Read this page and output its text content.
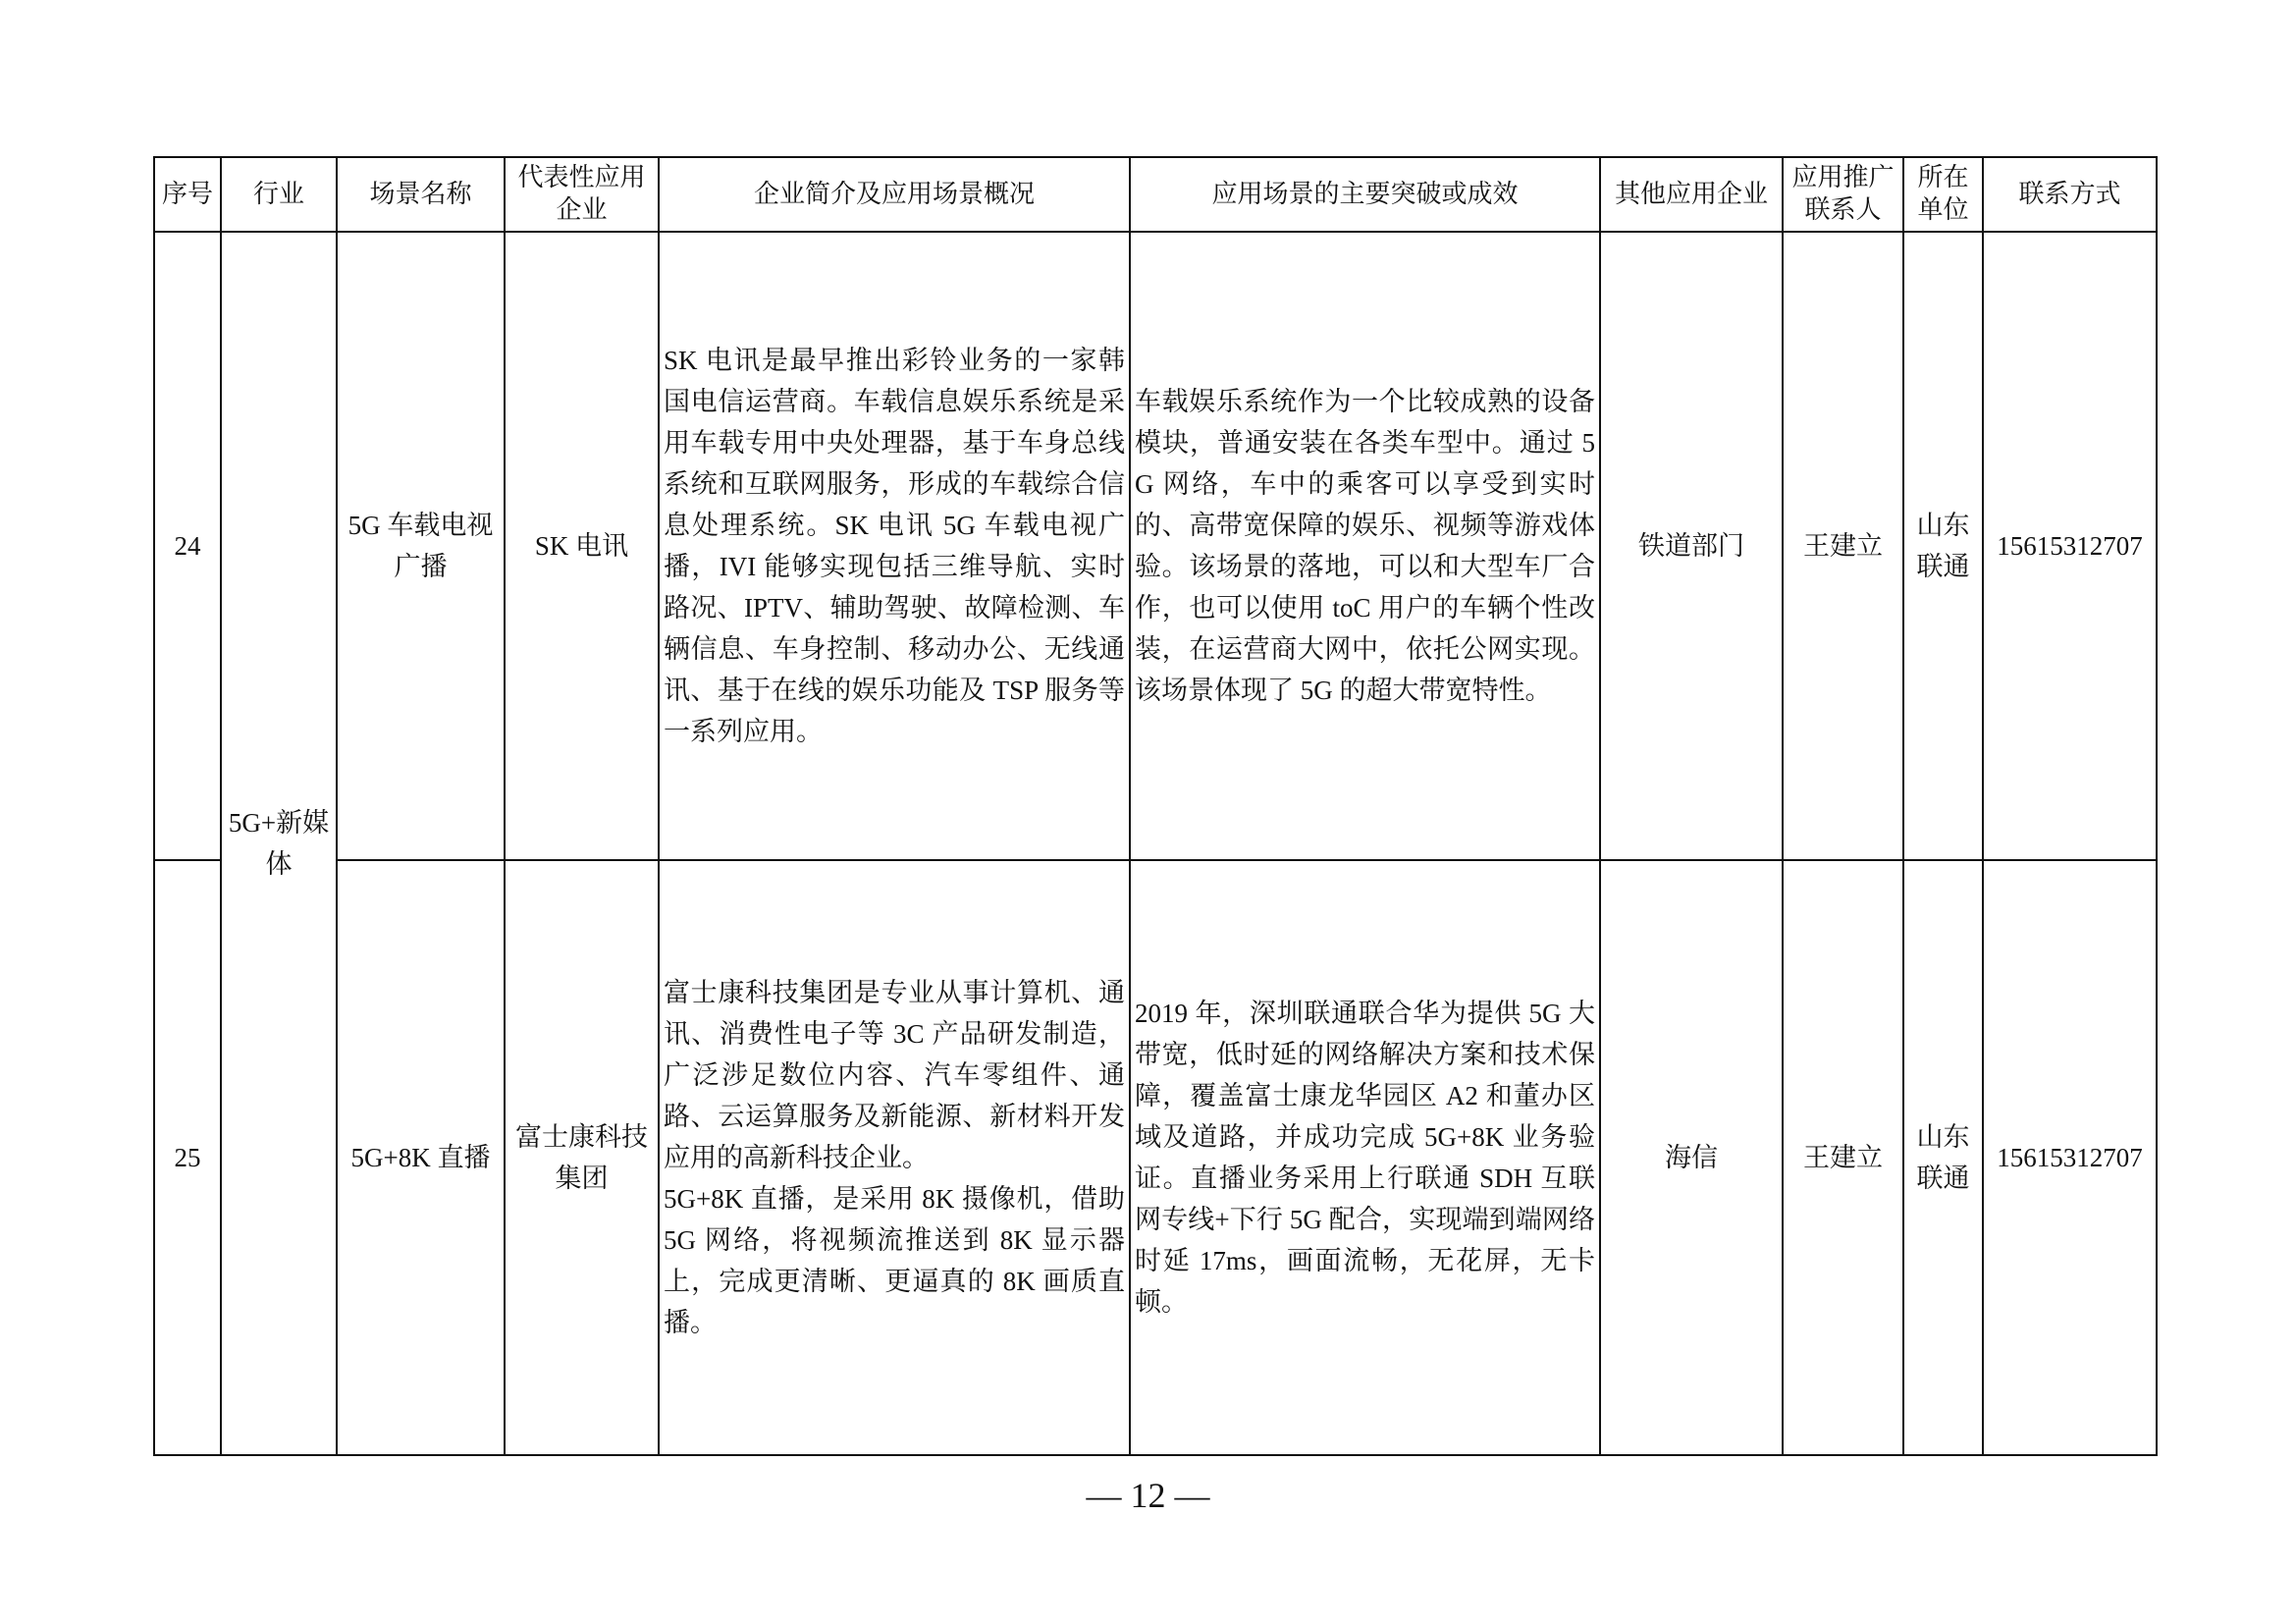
序号	行业	场景名称	代表性应用企业	企业简介及应用场景概况	应用场景的主要突破或成效	其他应用企业	应用推广联系人	所在单位	联系方式
24	5G+新媒体	5G 车载电视广播	SK 电讯	SK 电讯是最早推出彩铃业务的一家韩国电信运营商。车载信息娱乐系统是采用车载专用中央处理器，基于车身总线系统和互联网服务，形成的车载综合信息处理系统。SK 电讯 5G 车载电视广播，IVI 能够实现包括三维导航、实时路况、IPTV、辅助驾驶、故障检测、车辆信息、车身控制、移动办公、无线通讯、基于在线的娱乐功能及 TSP 服务等一系列应用。	车载娱乐系统作为一个比较成熟的设备模块，普通安装在各类车型中。通过 5G 网络，车中的乘客可以享受到实时的、高带宽保障的娱乐、视频等游戏体验。该场景的落地，可以和大型车厂合作，也可以使用 toC 用户的车辆个性改装，在运营商大网中，依托公网实现。该场景体现了 5G 的超大带宽特性。	铁道部门	王建立	山东联通	15615312707
25		5G+8K 直播	富士康科技集团	富士康科技集团是专业从事计算机、通讯、消费性电子等 3C 产品研发制造，广泛涉足数位内容、汽车零组件、通路、云运算服务及新能源、新材料开发应用的高新科技企业。
5G+8K 直播，是采用 8K 摄像机，借助 5G 网络，将视频流推送到 8K 显示器上，完成更清晰、更逼真的 8K 画质直播。	2019 年，深圳联通联合华为提供 5G 大带宽，低时延的网络解决方案和技术保障，覆盖富士康龙华园区 A2 和董办区域及道路，并成功完成 5G+8K 业务验证。直播业务采用上行联通 SDH 互联网专线+下行 5G 配合，实现端到端网络时延 17ms，画面流畅，无花屏，无卡顿。	海信	王建立	山东联通	15615312707
— 12 —
